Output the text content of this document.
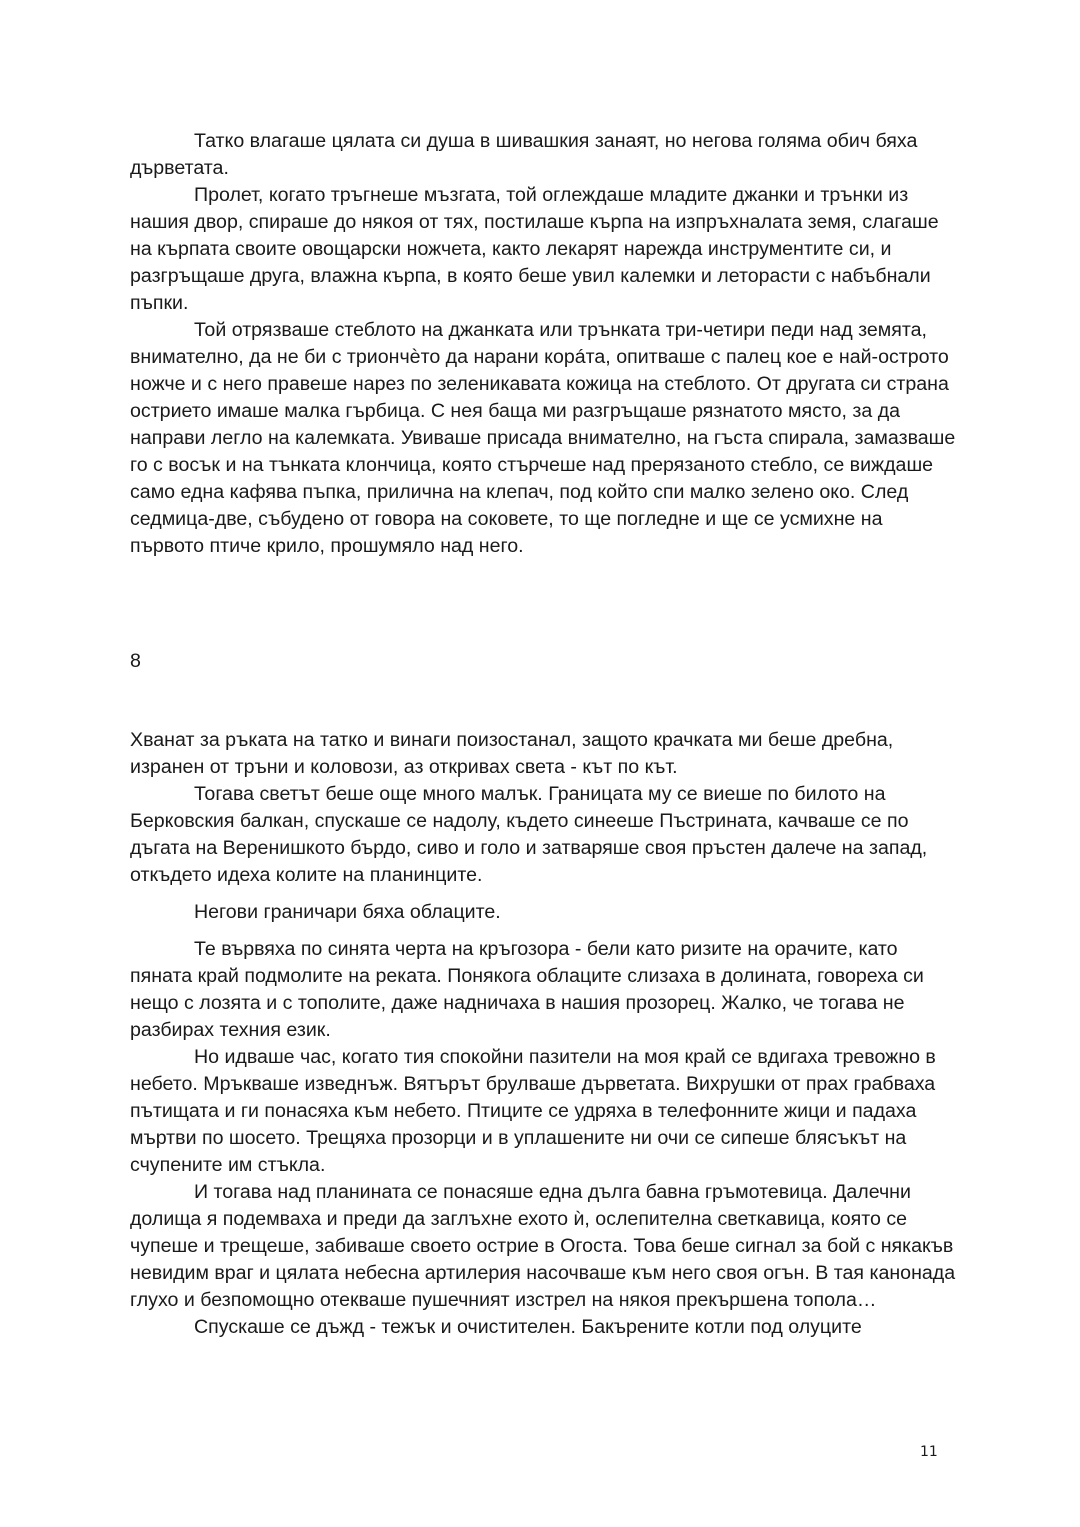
Татко влагаше цялата си душа в шивашкия занаят, но негова голяма обич бяха дърветата.

Пролет, когато тръгнеше мъзгата, той оглеждаше младите джанки и трънки из нашия двор, спираше до някоя от тях, постилаше кърпа на изпръхналата земя, слагаше на кърпата своите овощарски ножчета, както лекарят нарежда инструментите си, и разгръщаше друга, влажна кърпа, в която беше увил калемки и леторасти с набъбнали пъпки.

Той отрязваше стеблото на джанката или трънката три-четири педи над земята, внимателно, да не би с триончѐто да нарани корáта, опитваше с палец кое е най-острото ножче и с него правеше нарез по зеленикавата кожица на стеблото. От другата си страна острието имаше малка гърбица. С нея баща ми разгръщаше рязнатото място, за да направи легло на калемката. Увиваше присада внимателно, на гъста спирала, замазваше го с восък и на тънката клончица, която стърчеше над прерязаното стебло, се виждаше само една кафява пъпка, прилична на клепач, под който спи малко зелено око. След седмица-две, събудено от говора на соковете, то ще погледне и ще се усмихне на първото птиче крило, прошумяло над него.

8

Хванат за ръката на татко и винаги поизостанал, защото крачката ми беше дребна, изранен от тръни и коловози, аз откривах света - кът по кът.

Тогава светът беше още много малък. Границата му се виеше по билото на Берковския балкан, спускаше се надолу, където синееше Пъстрината, качваше се по дъгата на Веренишкото бърдо, сиво и голо и затваряше своя пръстен далече на запад, откъдето идеха колите на планинците.

Негови граничари бяха облаците.

Те вървяха по синята черта на кръгозора - бели като ризите на орачите, като пяната край подмолите на реката. Понякога облаците слизаха в долината, говореха си нещо с лозята и с тополите, даже надничаха в нашия прозорец. Жалко, че тогава не разбирах техния език.

Но идваше час, когато тия спокойни пазители на моя край се вдигаха тревожно в небето. Мръкваше изведнъж. Вятърът брулваше дърветата. Вихрушки от прах грабваха пътищата и ги понасяха към небето. Птиците се удряха в телефонните жици и падаха мъртви по шосето. Трещяха прозорци и в уплашените ни очи се сипеше блясъкът на счупените им стъкла.

И тогава над планината се понасяше една дълга бавна гръмотевица. Далечни долища я подемваха и преди да заглъхне ехото ѝ, ослепителна светкавица, която се чупеше и трещеше, забиваше своето острие в Огоста. Това беше сигнал за бой с някакъв невидим враг и цялата небесна артилерия насочваше към него своя огън. В тая канонада глухо и безпомощно отекваше пушечният изстрел на някоя прекършена топола…

Спускаше се дъжд - тежък и очистителен. Бакърените котли под олуците

11
